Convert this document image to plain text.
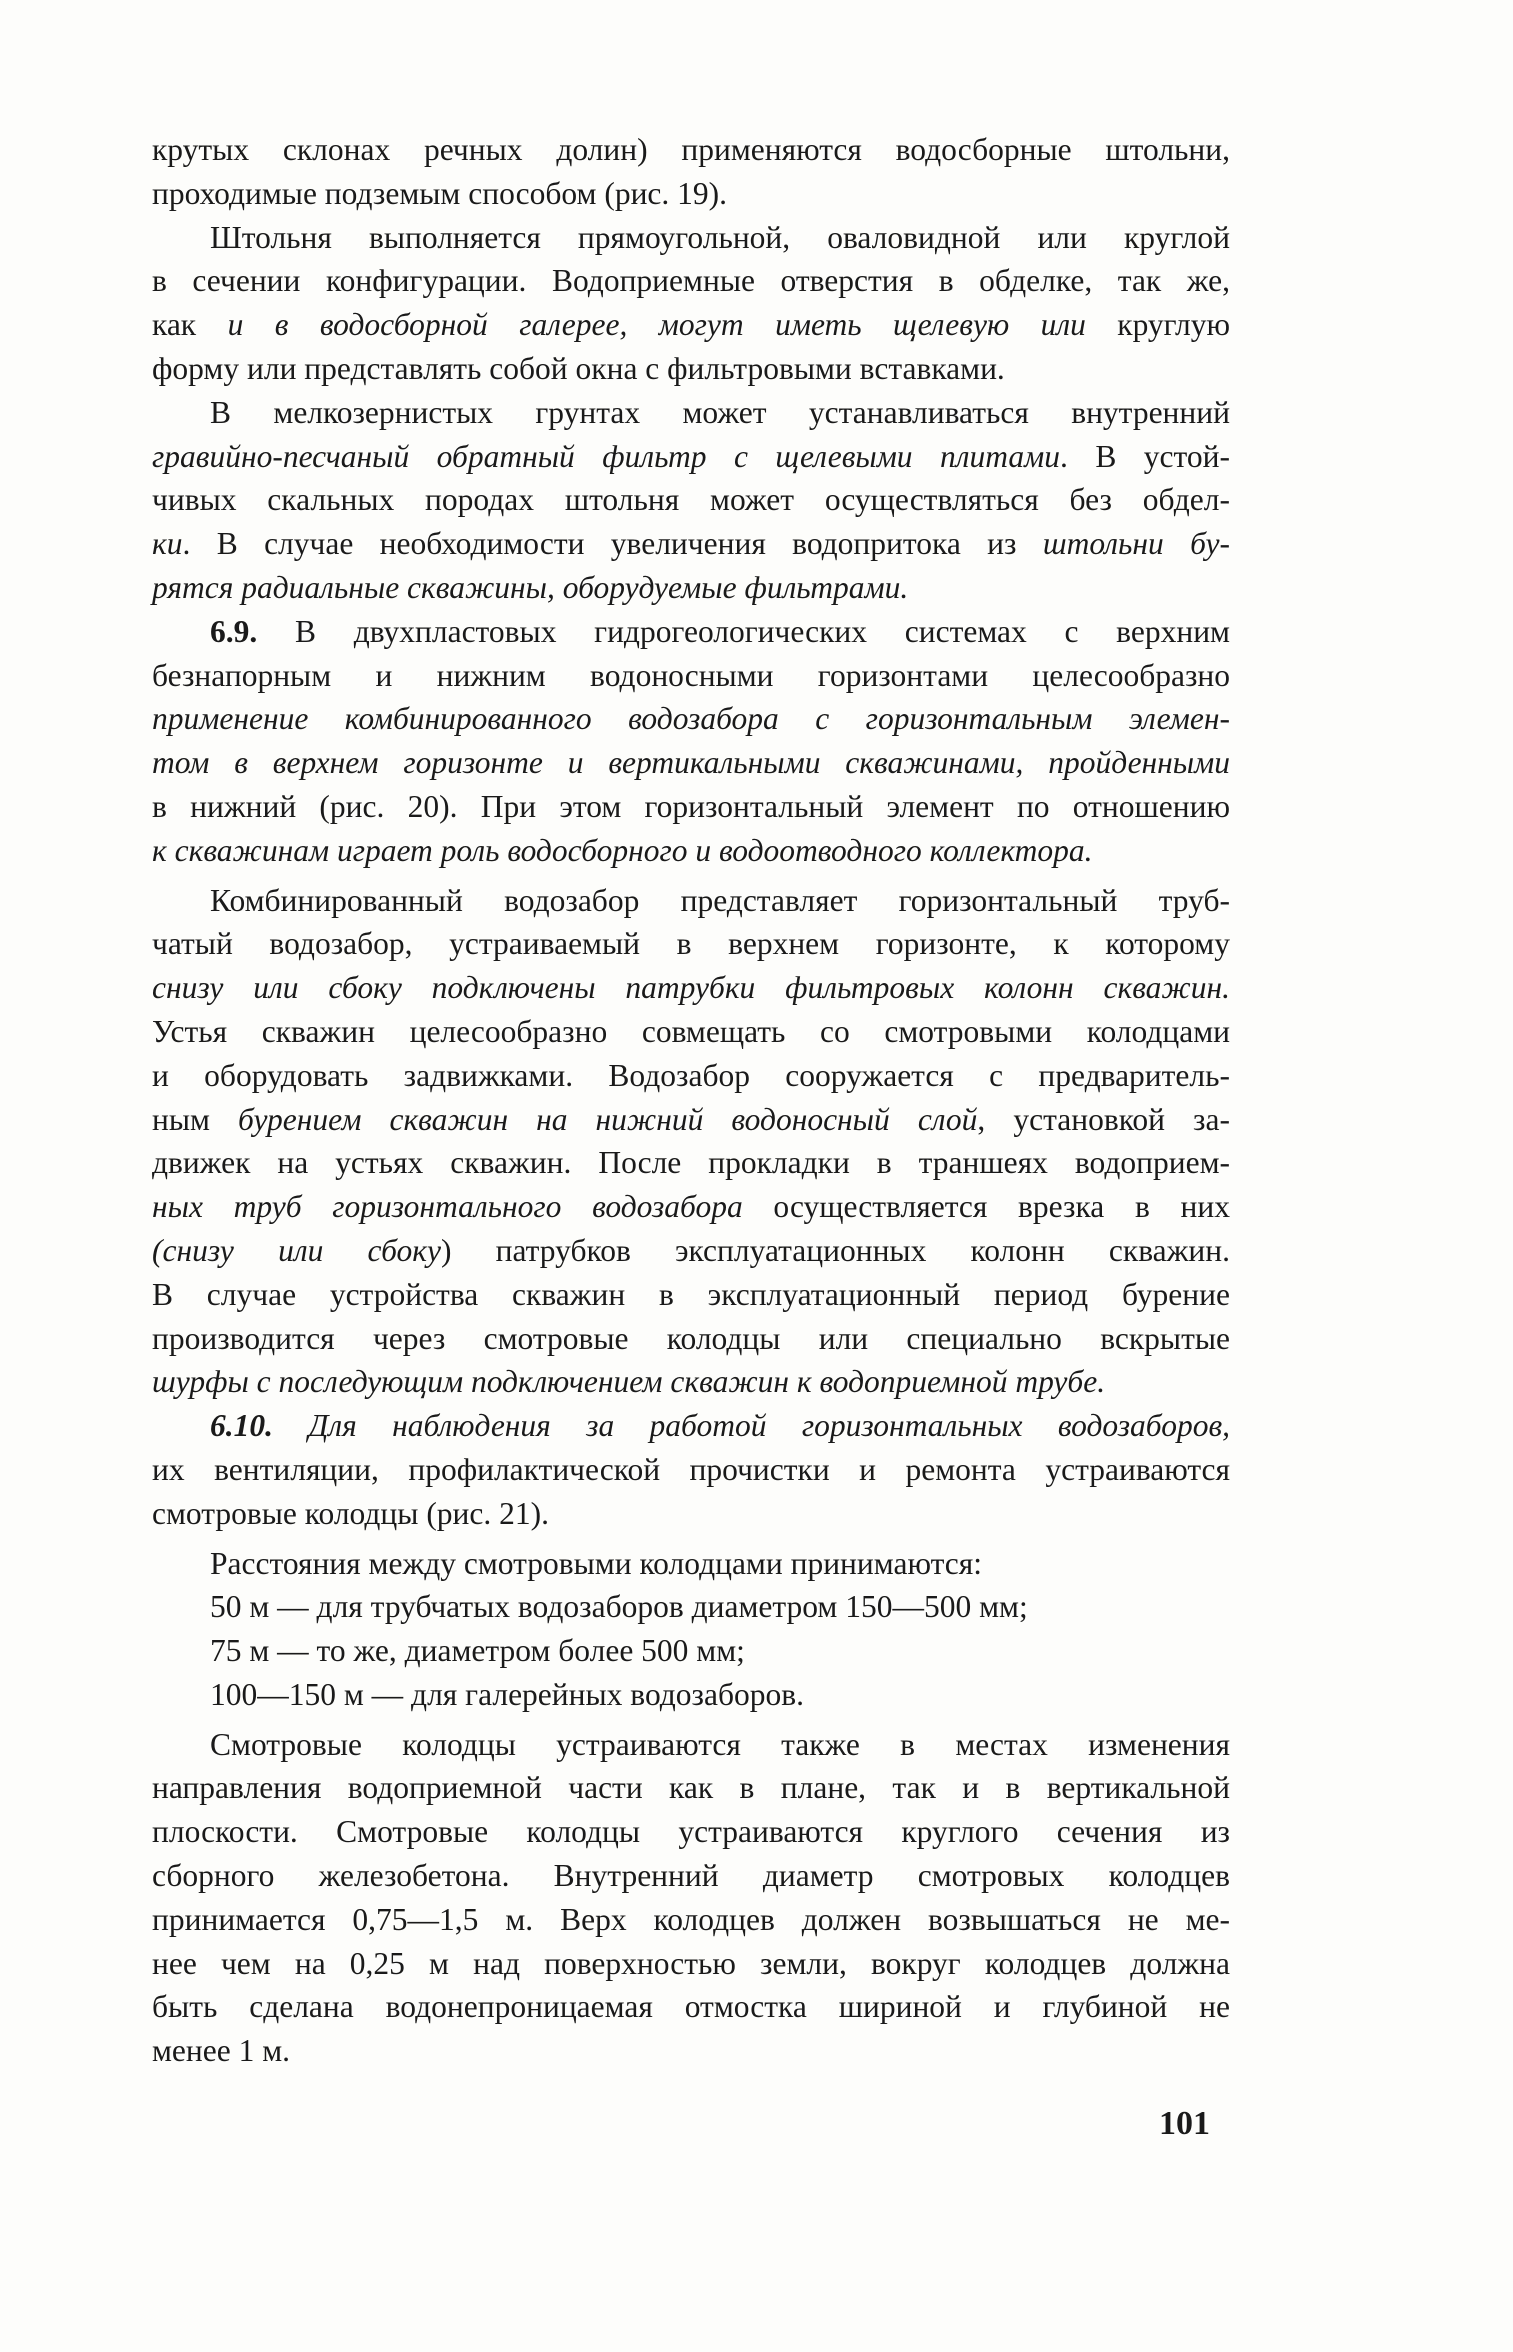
крутых склонах речных долин) применяются водосборные штольни,
проходимые подземым способом (рис. 19).
Штольня выполняется прямоугольной, оваловидной или круглой
в сечении конфигурации. Водоприемные отверстия в обделке, так же,
как и в водосборной галерее, могут иметь щелевую или круглую
форму или представлять собой окна с фильтровыми вставками.
В мелкозернистых грунтах может устанавливаться внутренний
гравийно-песчаный обратный фильтр с щелевыми плитами. В устой-
чивых скальных породах штольня может осуществляться без обдел-
ки. В случае необходимости увеличения водопритока из штольни бу-
рятся радиальные скважины, оборудуемые фильтрами.
6.9. В двухпластовых гидрогеологических системах с верхним
безнапорным и нижним водоносными горизонтами целесообразно
применение комбинированного водозабора с горизонтальным элемен-
том в верхнем горизонте и вертикальными скважинами, пройденными
в нижний (рис. 20). При этом горизонтальный элемент по отношению
к скважинам играет роль водосборного и водоотводного коллектора.
Комбинированный водозабор представляет горизонтальный труб-
чатый водозабор, устраиваемый в верхнем горизонте, к которому
снизу или сбоку подключены патрубки фильтровых колонн скважин.
Устья скважин целесообразно совмещать со смотровыми колодцами
и оборудовать задвижками. Водозабор сооружается с предваритель-
ным бурением скважин на нижний водоносный слой, установкой за-
движек на устьях скважин. После прокладки в траншеях водоприем-
ных труб горизонтального водозабора осуществляется врезка в них
(снизу или сбоку) патрубков эксплуатационных колонн скважин.
В случае устройства скважин в эксплуатационный период бурение
производится через смотровые колодцы или специально вскрытые
шурфы с последующим подключением скважин к водоприемной трубе.
6.10. Для наблюдения за работой горизонтальных водозаборов,
их вентиляции, профилактической прочистки и ремонта устраиваются
смотровые колодцы (рис. 21).
Расстояния между смотровыми колодцами принимаются:
50 м — для трубчатых водозаборов диаметром 150—500 мм;
75 м — то же, диаметром более 500 мм;
100—150 м — для галерейных водозаборов.
Смотровые колодцы устраиваются также в местах изменения
направления водоприемной части как в плане, так и в вертикальной
плоскости. Смотровые колодцы устраиваются круглого сечения из
сборного железобетона. Внутренний диаметр смотровых колодцев
принимается 0,75—1,5 м. Верх колодцев должен возвышаться не ме-
нее чем на 0,25 м над поверхностью земли, вокруг колодцев должна
быть сделана водонепроницаемая отмостка шириной и глубиной не
менее 1 м.
101
